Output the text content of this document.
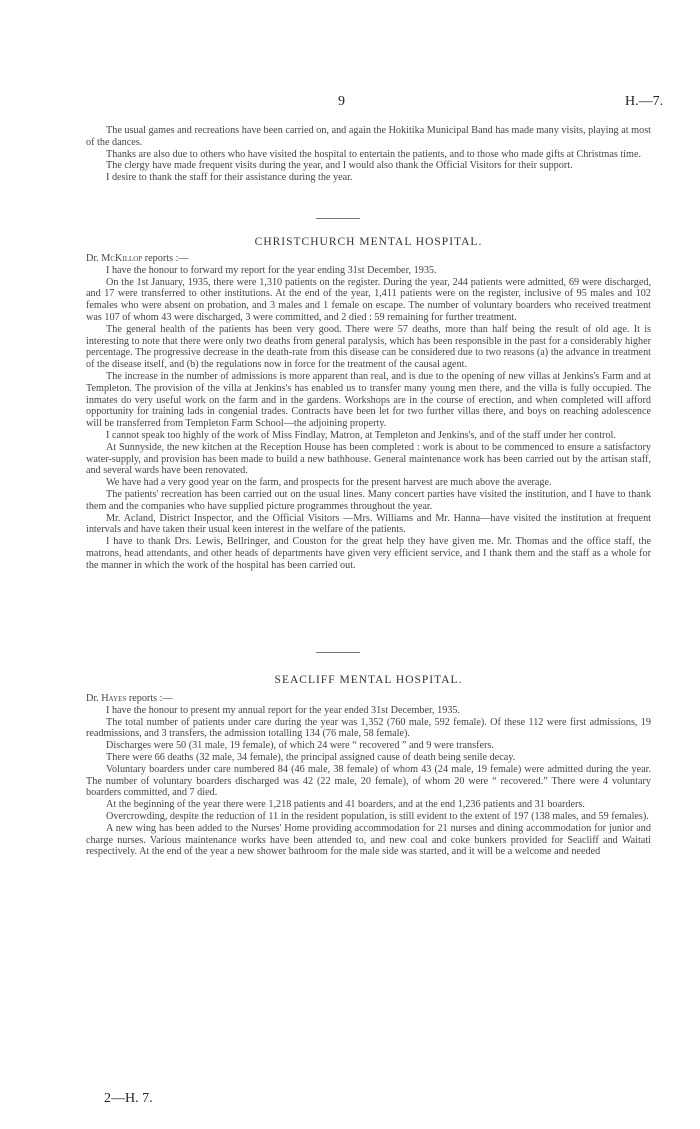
9	H.—7.

The usual games and recreations have been carried on, and again the Hokitika Municipal Band has made many visits, playing at most of the dances.

Thanks are also due to others who have visited the hospital to entertain the patients, and to those who made gifts at Christmas time.

The clergy have made frequent visits during the year, and I would also thank the Official Visitors for their support.

I desire to thank the staff for their assistance during the year.

CHRISTCHURCH MENTAL HOSPITAL.

Dr. McKillop reports :—

I have the honour to forward my report for the year ending 31st December, 1935.

On the 1st January, 1935, there were 1,310 patients on the register. During the year, 244 patients were admitted, 69 were discharged, and 17 were transferred to other institutions. At the end of the year, 1,411 patients were on the register, inclusive of 95 males and 102 females who were absent on probation, and 3 males and 1 female on escape. The number of voluntary boarders who received treatment was 107 of whom 43 were discharged, 3 were committed, and 2 died : 59 remaining for further treatment.

The general health of the patients has been very good. There were 57 deaths, more than half being the result of old age. It is interesting to note that there were only two deaths from general paralysis, which has been responsible in the past for a considerably higher percentage. The progressive decrease in the death-rate from this disease can be considered due to two reasons (a) the advance in treatment of the disease itself, and (b) the regulations now in force for the treatment of the causal agent.

The increase in the number of admissions is more apparent than real, and is due to the opening of new villas at Jenkins's Farm and at Templeton. The provision of the villa at Jenkins's has enabled us to transfer many young men there, and the villa is fully occupied. The inmates do very useful work on the farm and in the gardens. Workshops are in the course of erection, and when completed will afford opportunity for training lads in congenial trades. Contracts have been let for two further villas there, and boys on reaching adolescence will be transferred from Templeton Farm School—the adjoining property.

I cannot speak too highly of the work of Miss Findlay, Matron, at Templeton and Jenkins's, and of the staff under her control.

At Sunnyside, the new kitchen at the Reception House has been completed : work is about to be commenced to ensure a satisfactory water-supply, and provision has been made to build a new bathhouse. General maintenance work has been carried out by the artisan staff, and several wards have been renovated.

We have had a very good year on the farm, and prospects for the present harvest are much above the average.

The patients' recreation has been carried out on the usual lines. Many concert parties have visited the institution, and I have to thank them and the companies who have supplied picture programmes throughout the year.

Mr. Acland, District Inspector, and the Official Visitors —Mrs. Williams and Mr. Hanna—have visited the institution at frequent intervals and have taken their usual keen interest in the welfare of the patients.

I have to thank Drs. Lewis, Bellringer, and Couston for the great help they have given me. Mr. Thomas and the office staff, the matrons, head attendants, and other heads of departments have given very efficient service, and I thank them and the staff as a whole for the manner in which the work of the hospital has been carried out.

SEACLIFF MENTAL HOSPITAL.

Dr. Hayes reports :—

I have the honour to present my annual report for the year ended 31st December, 1935.

The total number of patients under care during the year was 1,352 (760 male, 592 female). Of these 112 were first admissions, 19 readmissions, and 3 transfers, the admission totalling 134 (76 male, 58 female).

Discharges were 50 (31 male, 19 female), of which 24 were “ recovered ” and 9 were transfers.

There were 66 deaths (32 male, 34 female), the principal assigned cause of death being senile decay.

Voluntary boarders under care numbered 84 (46 male, 38 female) of whom 43 (24 male, 19 female) were admitted during the year. The number of voluntary boarders discharged was 42 (22 male, 20 female), of whom 20 were “ recovered.” There were 4 voluntary boarders committed, and 7 died.

At the beginning of the year there were 1,218 patients and 41 boarders, and at the end 1,236 patients and 31 boarders.

Overcrowding, despite the reduction of 11 in the resident population, is still evident to the extent of 197 (138 males, and 59 females).

A new wing has been added to the Nurses' Home providing accommodation for 21 nurses and dining accommodation for junior and charge nurses. Various maintenance works have been attended to, and new coal and coke bunkers provided for Seacliff and Waitati respectively. At the end of the year a new shower bathroom for the male side was started, and it will be a welcome and needed

2—H. 7.
